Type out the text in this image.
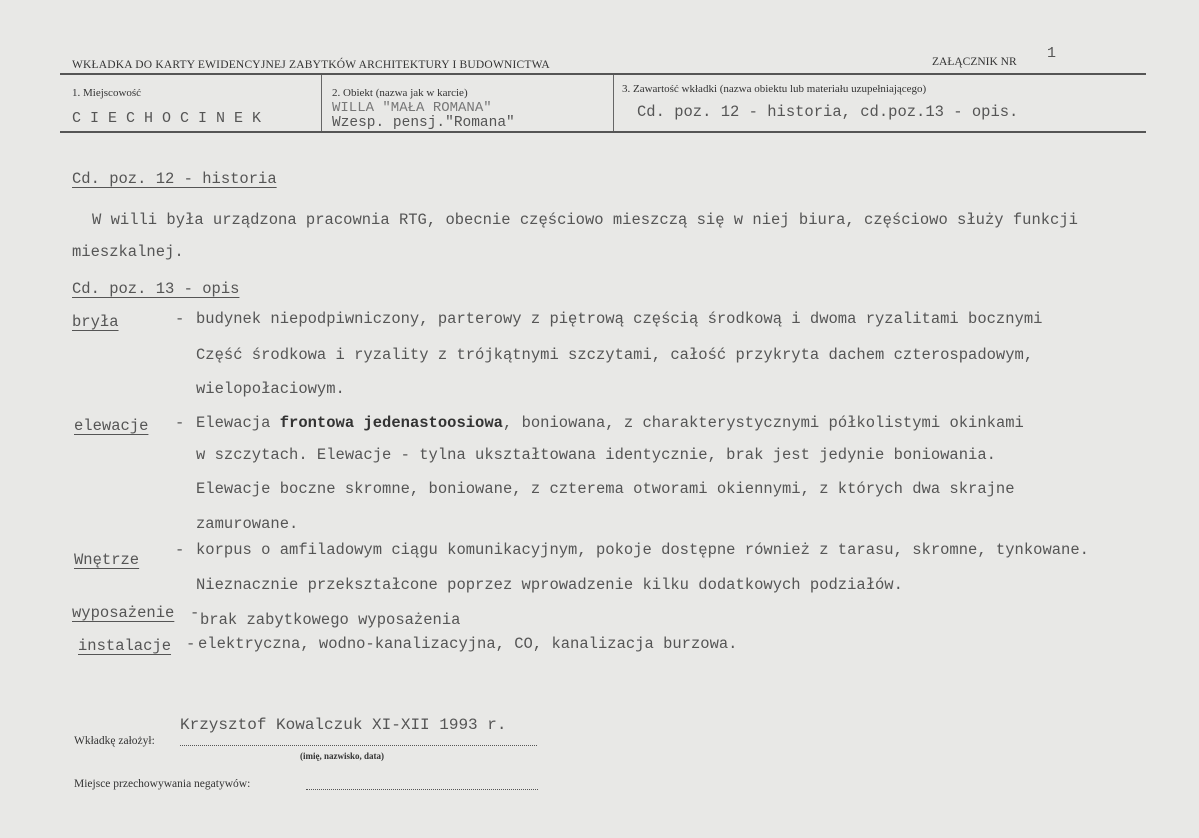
WKŁADKA DO KARTY EWIDENCYJNEJ ZABYTKÓW ARCHITEKTURY I BUDOWNICTWA	ZAŁĄCZNIK NR 1
1. Miejscowość
C I E C H O C I N E K
2. Obiekt (nazwa jak w karcie)
WILLA "MAŁA ROMANA"
Wzesp. pensj."Romana"
3. Zawartość wkładki (nazwa obiektu lub materiału uzupełniającego)
Cd. poz. 12 - historia, cd.poz.13 - opis.
Cd. poz. 12 - historia
W willi była urządzona pracownia RTG, obecnie częściowo mieszczą się w niej biura, częściowo służy funkcji
mieszkalnej.
Cd. poz. 13 - opis
bryła	- budynek niepodpiwniczony, parterowy z piętrową częścią środkową i dwoma ryzalitami bocznymi
Część środkowa i ryzality z trójkątnymi szczytami, całość przykryta dachem czterospadowym,
wielopołaciowym.
elewacje - Elewacja frontowa jedenastoosiowa, boniowana, z charakterystycznymi półkolistymi okinkami
w szczytach. Elewacje - tylna ukształtowana identycznie, brak jest jedynie boniowania.
Elewacje boczne skromne, boniowane, z czterema otworami okiennymi, z których dwa skrajne
zamurowane.
Wnętrze
- korpus o amfiladowym ciągu komunikacyjnym, pokoje dostępne również z tarasu, skromne, tynkowane.
Nieznacznie przekształcone poprzez wprowadzenie kilku dodatkowych podziałów.
wyposażenie - brak zabytkowego wyposażenia
instalacje - elektryczna, wodno-kanalizacyjna, CO, kanalizacja burzowa.
Wkładkę założył:
Krzysztof Kowalczuk XI-XII 1993 r.
(imię, nazwisko, data)
Miejsce przechowywania negatywów:
